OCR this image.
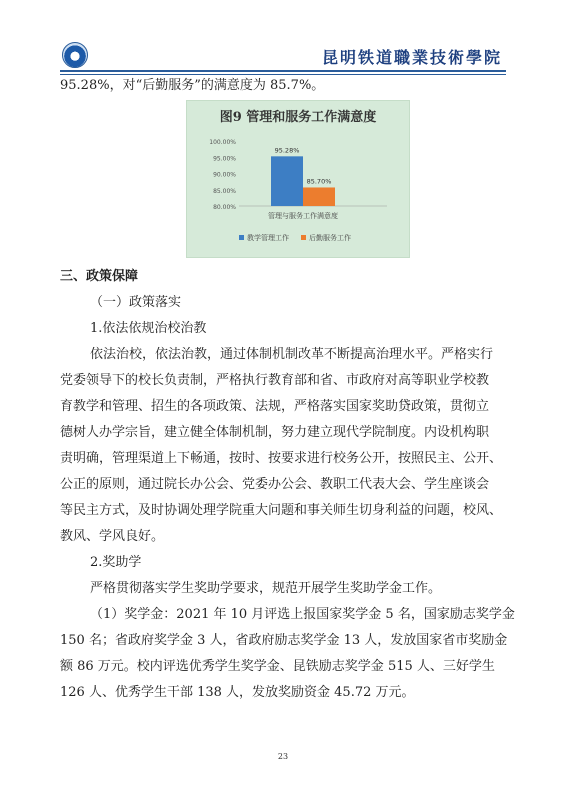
昆明铁道職業技術學院

95.28%，对“后勤服务”的满意度为 85.7%。

图9 管理和服务工作满意度
100.00%
95.00%
90.00%
85.00%
80.00%
95.28%
85.70%
管理与服务工作满意度
教学管理工作	后勤服务工作

三、政策保障

（一）政策落实

1.依法依规治校治教

依法治校，依法治教，通过体制机制改革不断提高治理水平。严格实行

党委领导下的校长负责制，严格执行教育部和省、市政府对高等职业学校教

育教学和管理、招生的各项政策、法规，严格落实国家奖助贷政策，贯彻立

德树人办学宗旨，建立健全体制机制，努力建立现代学院制度。内设机构职

责明确，管理渠道上下畅通，按时、按要求进行校务公开，按照民主、公开、

公正的原则，通过院长办公会、党委办公会、教职工代表大会、学生座谈会

等民主方式，及时协调处理学院重大问题和事关师生切身利益的问题，校风、

教风、学风良好。

2.奖助学

严格贯彻落实学生奖助学要求，规范开展学生奖助学金工作。

（1）奖学金：2021 年 10 月评选上报国家奖学金 5 名，国家励志奖学金

150 名；省政府奖学金 3 人，省政府励志奖学金 13 人，发放国家省市奖励金

额 86 万元。校内评选优秀学生奖学金、昆铁励志奖学金 515 人、三好学生

126 人、优秀学生干部 138 人，发放奖励资金 45.72 万元。

23
